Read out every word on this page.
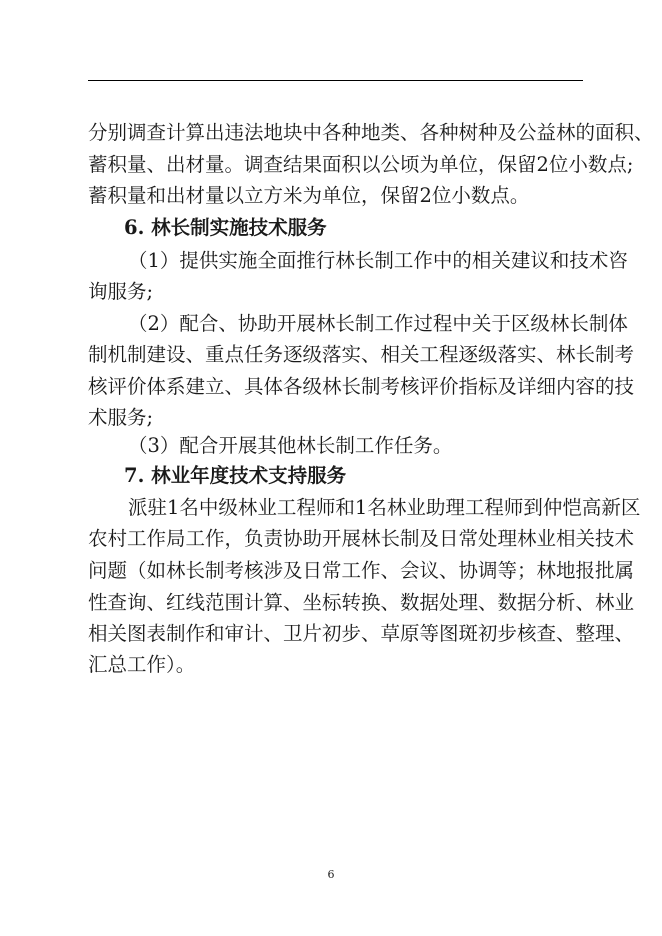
分别调查计算出违法地块中各种地类、各种树种及公益林的面积、
蓄积量、出材量。调查结果面积以公顷为单位，保留2位小数点;
蓄积量和出材量以立方米为单位，保留2位小数点。
6. 林长制实施技术服务
（1）提供实施全面推行林长制工作中的相关建议和技术咨
询服务;
（2）配合、协助开展林长制工作过程中关于区级林长制体
制机制建设、重点任务逐级落实、相关工程逐级落实、林长制考
核评价体系建立、具体各级林长制考核评价指标及详细内容的技
术服务;
（3）配合开展其他林长制工作任务。
7. 林业年度技术支持服务
派驻1名中级林业工程师和1名林业助理工程师到仲恺高新区
农村工作局工作，负责协助开展林长制及日常处理林业相关技术
问题（如林长制考核涉及日常工作、会议、协调等；林地报批属
性查询、红线范围计算、坐标转换、数据处理、数据分析、林业
相关图表制作和审计、卫片初步、草原等图斑初步核查、整理、
汇总工作）。
6
